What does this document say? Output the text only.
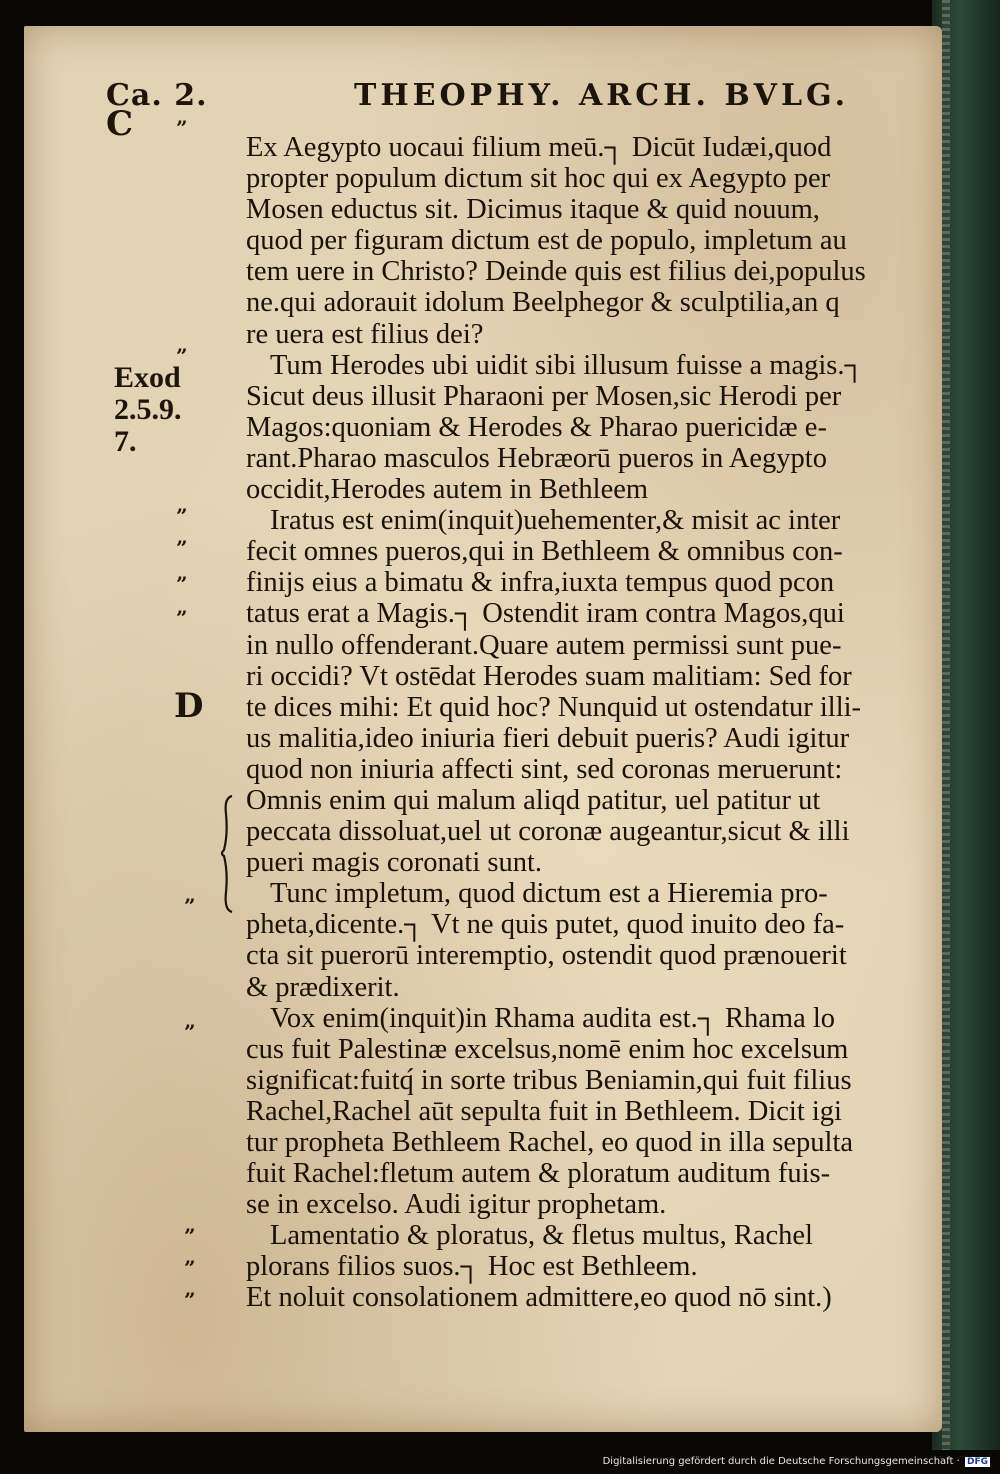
Ca. 2.	THEOPHY. ARCH. BVLG.
C
D
Exod
2.5.9.
7.
”
”
”
”
”
”
”
”
”
”
”
Ex Aegypto uocaui filium meū.┐ Dicūt Iudæi,quod
propter populum dictum sit hoc qui ex Aegypto per
Mosen eductus sit. Dicimus itaque & quid nouum,
quod per figuram dictum est de populo, impletum au
tem uere in Christo? Deinde quis est filius dei,populus
ne.qui adorauit idolum Beelphegor & sculptilia,an q
re uera est filius dei?
Tum Herodes ubi uidit sibi illusum fuisse a magis.┐
Sicut deus illusit Pharaoni per Mosen,sic Herodi per
Magos:quoniam & Herodes & Pharao puericidæ e-
rant.Pharao masculos Hebræorū pueros in Aegypto
occidit,Herodes autem in Bethleem
Iratus est enim(inquit)uehementer,& misit ac inter
fecit omnes pueros,qui in Bethleem & omnibus con-
finijs eius a bimatu & infra,iuxta tempus quod pcon
tatus erat a Magis.┐ Ostendit iram contra Magos,qui
in nullo offenderant.Quare autem permissi sunt pue-
ri occidi? Vt ostēdat Herodes suam malitiam: Sed for
te dices mihi: Et quid hoc? Nunquid ut ostendatur illi-
us malitia,ideo iniuria fieri debuit pueris? Audi igitur
quod non iniuria affecti sint, sed coronas meruerunt:
Omnis enim qui malum aliqd patitur, uel patitur ut
peccata dissoluat,uel ut coronæ augeantur,sicut & illi
pueri magis coronati sunt.
Tunc impletum, quod dictum est a Hieremia pro-
pheta,dicente.┐ Vt ne quis putet, quod inuito deo fa-
cta sit puerorū interemptio, ostendit quod prænouerit
& prædixerit.
Vox enim(inquit)in Rhama audita est.┐ Rhama lo
cus fuit Palestinæ excelsus,nomē enim hoc excelsum
significat:fuitq́ in sorte tribus Beniamin,qui fuit filius
Rachel,Rachel aūt sepulta fuit in Bethleem. Dicit igi
tur propheta Bethleem Rachel, eo quod in illa sepulta
fuit Rachel:fletum autem & ploratum auditum fuis-
se in excelso. Audi igitur prophetam.
Lamentatio & ploratus, & fletus multus, Rachel
plorans filios suos.┐ Hoc est Bethleem.
Et noluit consolationem admittere,eo quod nō sint.)
Digitalisierung gefördert durch die Deutsche Forschungsgemeinschaft · DFG
